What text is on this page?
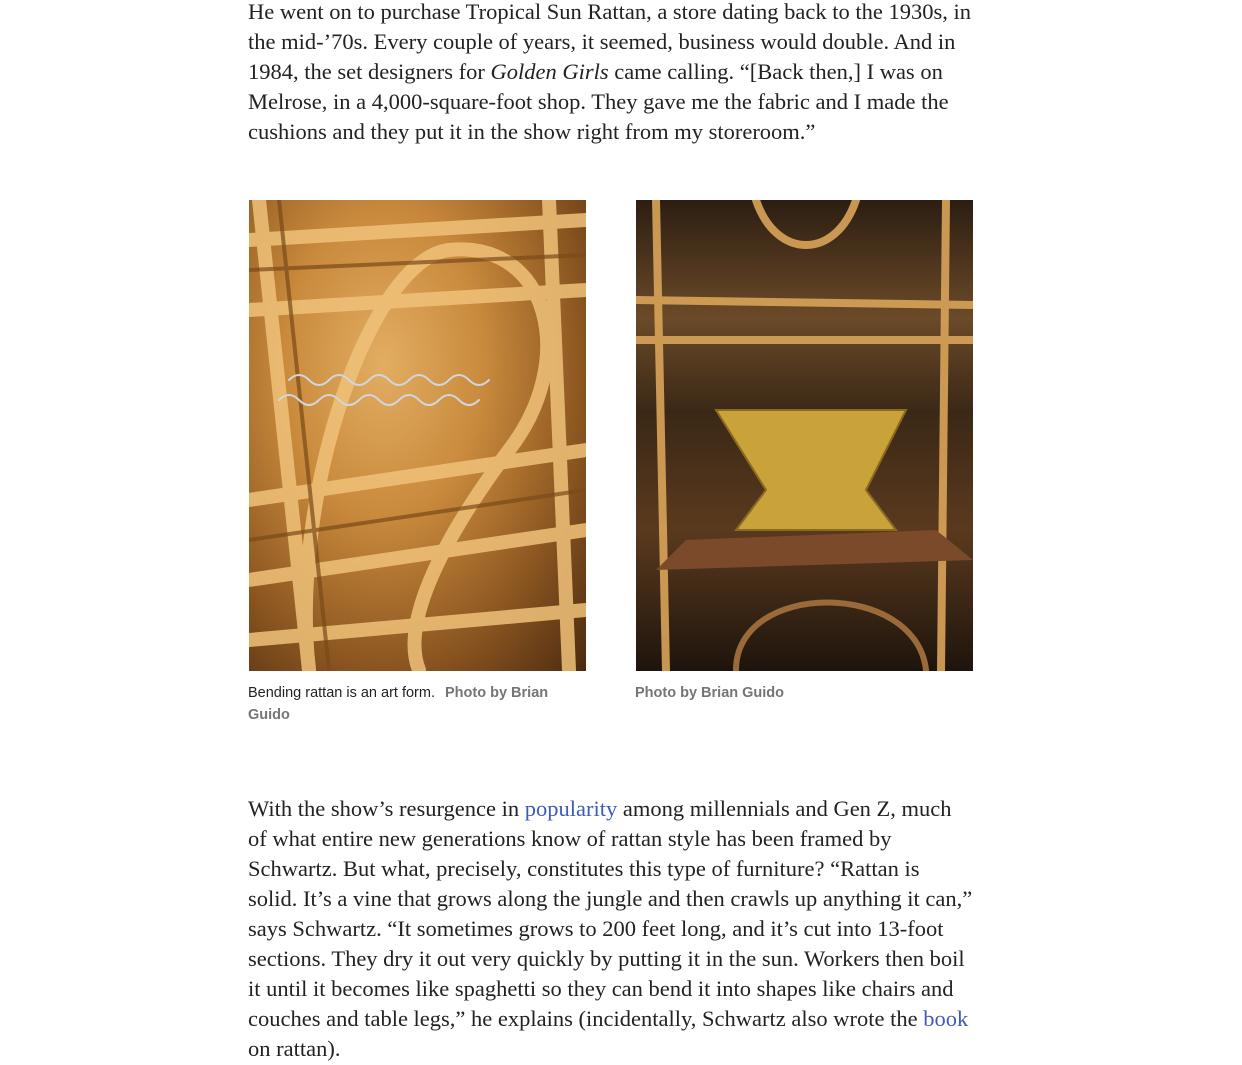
He went on to purchase Tropical Sun Rattan, a store dating back to the 1930s, in the mid-’70s. Every couple of years, it seemed, business would double. And in 1984, the set designers for Golden Girls came calling. “[Back then,] I was on Melrose, in a 4,000-square-foot shop. They gave me the fabric and I made the cushions and they put it in the show right from my storeroom.”

Bending rattan is an art form. Photo by Brian Guido
Photo by Brian Guido

With the show’s resurgence in popularity among millennials and Gen Z, much of what entire new generations know of rattan style has been framed by Schwartz. But what, precisely, constitutes this type of furniture? “Rattan is solid. It’s a vine that grows along the jungle and then crawls up anything it can,” says Schwartz. “It sometimes grows to 200 feet long, and it’s cut into 13-foot sections. They dry it out very quickly by putting it in the sun. Workers then boil it until it becomes like spaghetti so they can bend it into shapes like chairs and couches and table legs,” he explains (incidentally, Schwartz also wrote the book on rattan).
